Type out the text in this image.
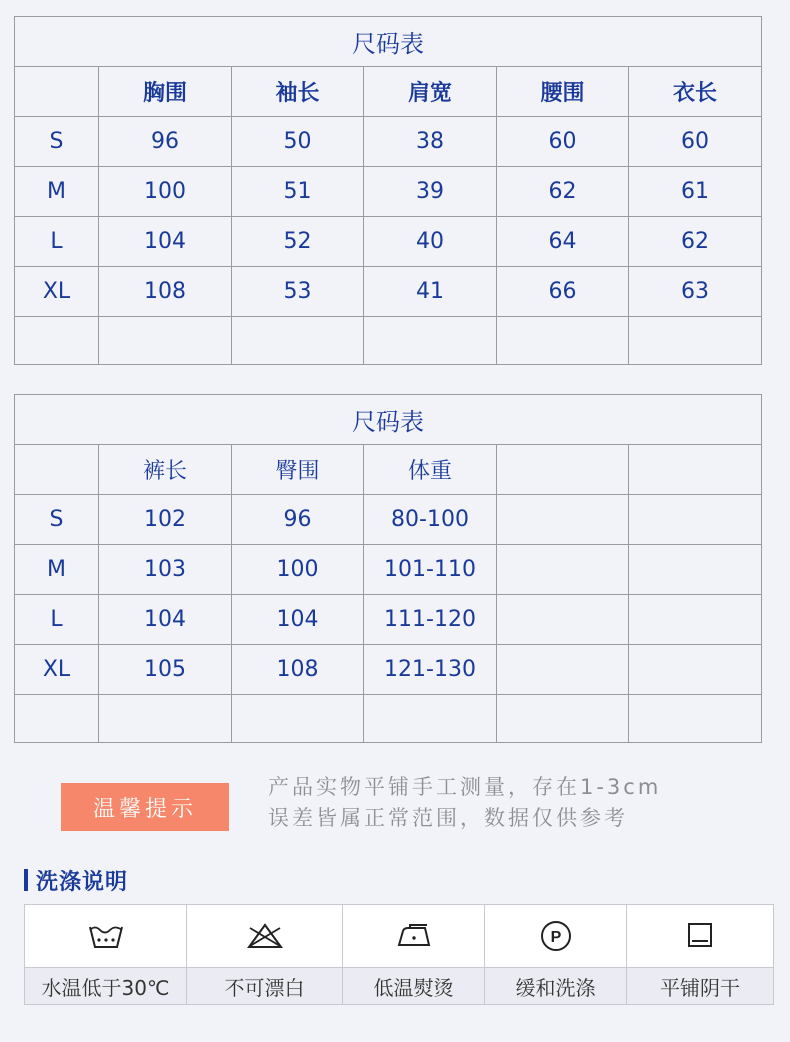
尺码表					
	胸围	袖长	肩宽	腰围	衣长
S	96	50	38	60	60
M	100	51	39	62	61
L	104	52	40	64	62
XL	108	53	41	66	63

尺码表					
	裤长	臀围	体重		
S	102	96	80-100		
M	103	100	101-110		
L	104	104	111-120		
XL	105	108	121-130		

温馨提示
产品实物平铺手工测量，存在1-3cm
误差皆属正常范围，数据仅供参考
洗涤说明

P

水温低于30℃	不可漂白	低温熨烫	缓和洗涤	平铺阴干
